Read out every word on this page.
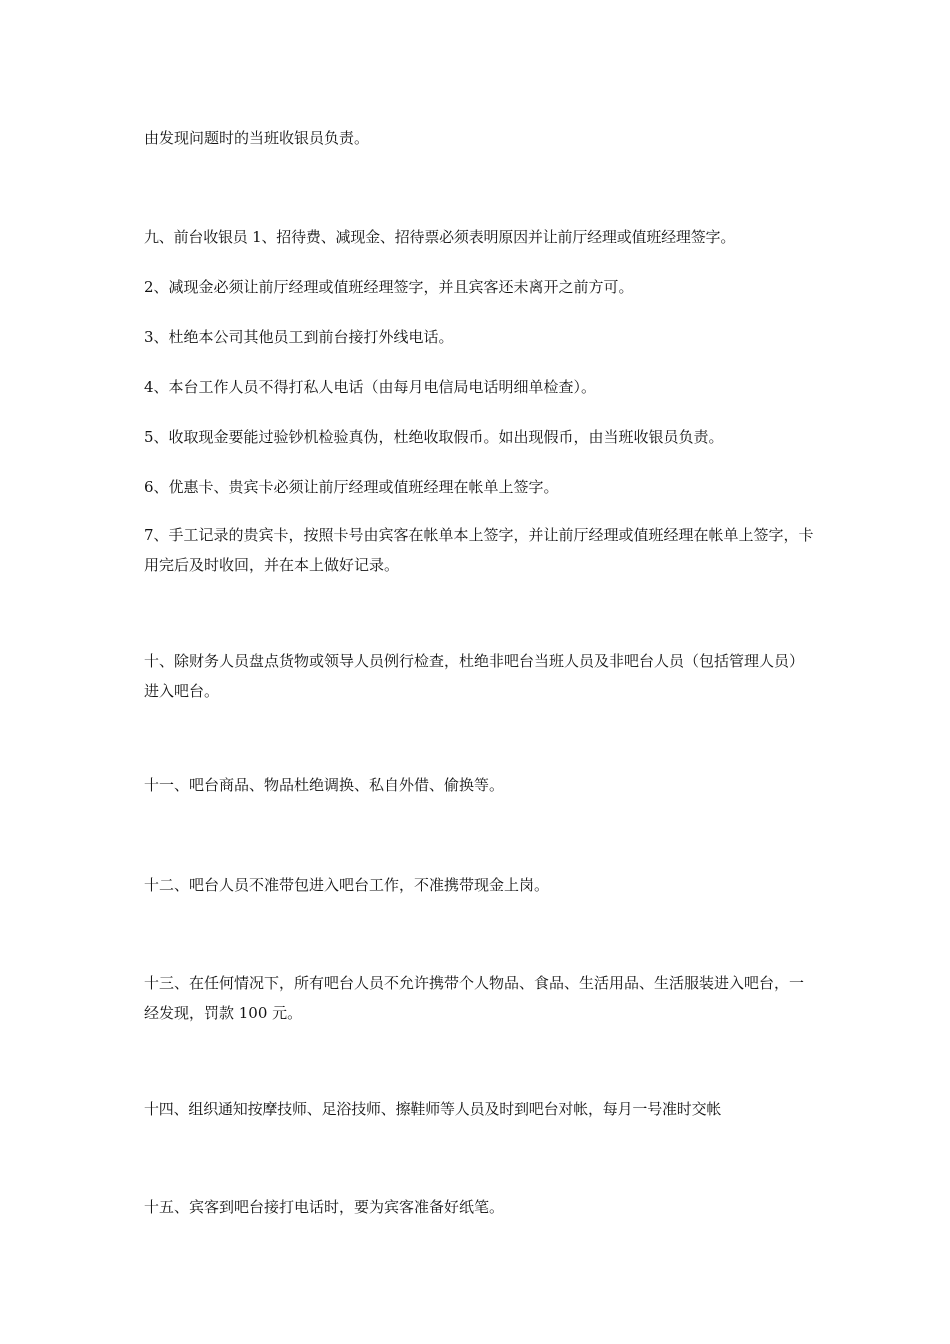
由发现问题时的当班收银员负责。

九、前台收银员 1、招待费、减现金、招待票必须表明原因并让前厅经理或值班经理签字。

2、减现金必须让前厅经理或值班经理签字，并且宾客还未离开之前方可。

3、杜绝本公司其他员工到前台接打外线电话。

4、本台工作人员不得打私人电话（由每月电信局电话明细单检查）。

5、收取现金要能过验钞机检验真伪，杜绝收取假币。如出现假币，由当班收银员负责。

6、优惠卡、贵宾卡必须让前厅经理或值班经理在帐单上签字。

7、手工记录的贵宾卡，按照卡号由宾客在帐单本上签字，并让前厅经理或值班经理在帐单上签字，卡用完后及时收回，并在本上做好记录。

十、除财务人员盘点货物或领导人员例行检查，杜绝非吧台当班人员及非吧台人员（包括管理人员）进入吧台。

十一、吧台商品、物品杜绝调换、私自外借、偷换等。

十二、吧台人员不准带包进入吧台工作，不准携带现金上岗。

十三、在任何情况下，所有吧台人员不允许携带个人物品、食品、生活用品、生活服装进入吧台，一经发现，罚款 100 元。

十四、组织通知按摩技师、足浴技师、擦鞋师等人员及时到吧台对帐，每月一号准时交帐

十五、宾客到吧台接打电话时，要为宾客准备好纸笔。
